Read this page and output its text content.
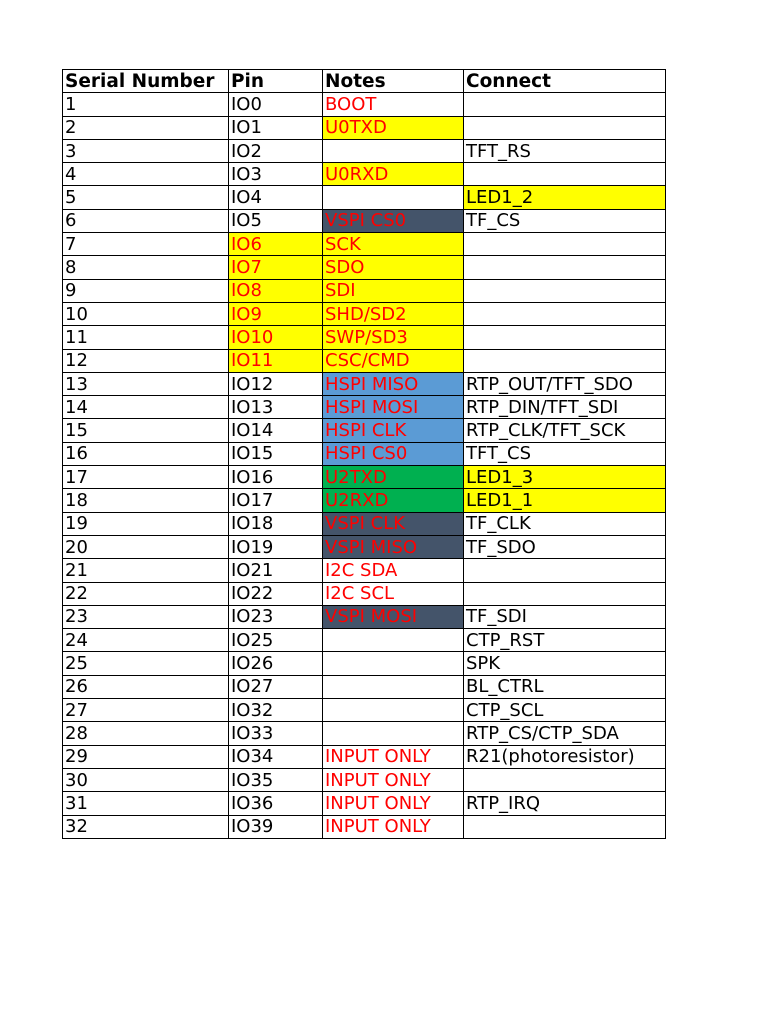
Serial Number	Pin	Notes	Connect
1	IO0	BOOT	
2	IO1	U0TXD	
3	IO2		TFT_RS
4	IO3	U0RXD	
5	IO4		LED1_2
6	IO5	VSPI CS0	TF_CS
7	IO6	SCK	
8	IO7	SDO	
9	IO8	SDI	
10	IO9	SHD/SD2	
11	IO10	SWP/SD3	
12	IO11	CSC/CMD	
13	IO12	HSPI MISO	RTP_OUT/TFT_SDO
14	IO13	HSPI MOSI	RTP_DIN/TFT_SDI
15	IO14	HSPI CLK	RTP_CLK/TFT_SCK
16	IO15	HSPI CS0	TFT_CS
17	IO16	U2TXD	LED1_3
18	IO17	U2RXD	LED1_1
19	IO18	VSPI CLK	TF_CLK
20	IO19	VSPI MISO	TF_SDO
21	IO21	I2C SDA	
22	IO22	I2C SCL	
23	IO23	VSPI MOSI	TF_SDI
24	IO25		CTP_RST
25	IO26		SPK
26	IO27		BL_CTRL
27	IO32		CTP_SCL
28	IO33		RTP_CS/CTP_SDA
29	IO34	INPUT ONLY	R21(photoresistor)
30	IO35	INPUT ONLY	
31	IO36	INPUT ONLY	RTP_IRQ
32	IO39	INPUT ONLY	
